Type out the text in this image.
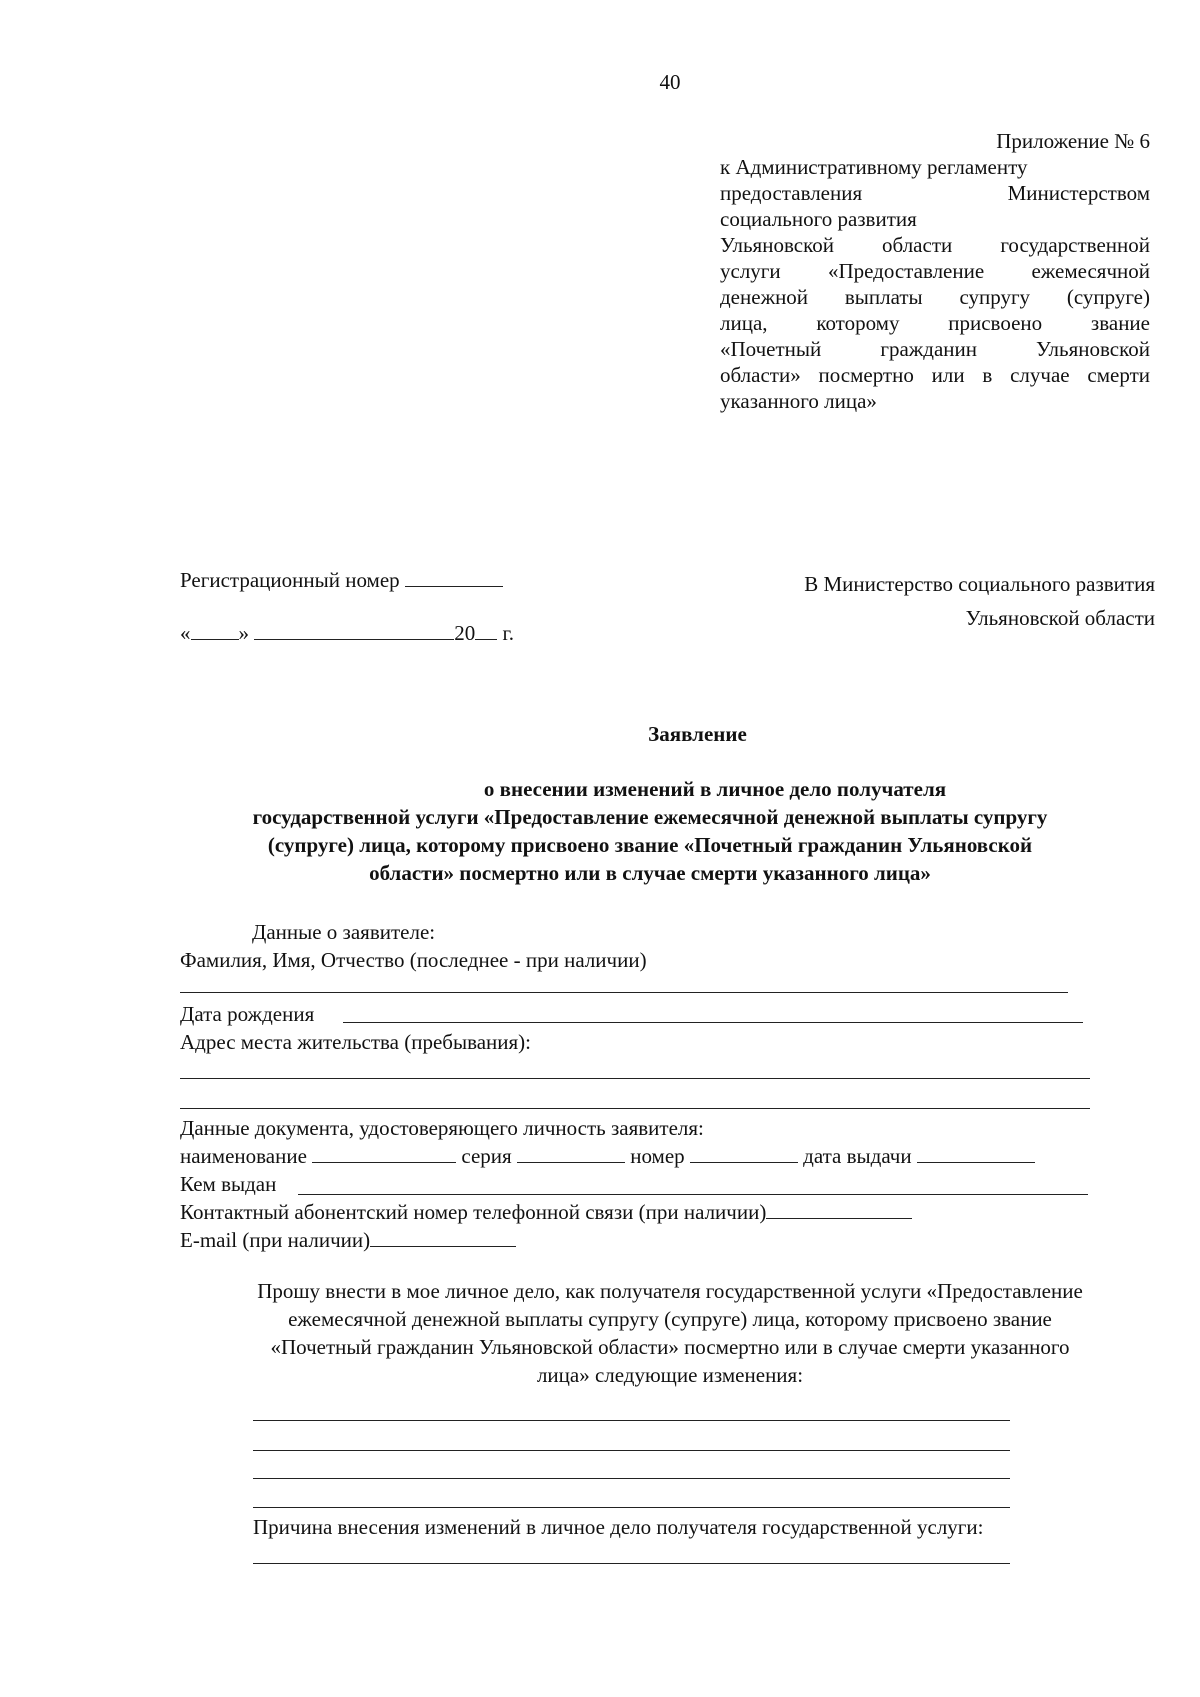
40
Приложение № 6
к Административному регламенту
предоставления Министерством
социального развития
Ульяновской области государственной
услуги «Предоставление ежемесячной
денежной выплаты супругу (супруге)
лица, которому присвоено звание
«Почетный гражданин Ульяновской
области» посмертно или в случае смерти
указанного лица»
Регистрационный номер
« »	20 г.
В Министерство социального развития
Ульяновской области
Заявление
о внесении изменений в личное дело получателя
государственной услуги «Предоставление ежемесячной денежной выплаты супругу
(супруге) лица, которому присвоено звание «Почетный гражданин Ульяновской
области» посмертно или в случае смерти указанного лица»
Данные о заявителе:
Фамилия, Имя, Отчество (последнее - при наличии)
Дата рождения
Адрес места жительства (пребывания):
Данные документа, удостоверяющего личность заявителя:
наименование	серия	номер	дата выдачи
Кем выдан
Контактный абонентский номер телефонной связи (при наличии)
E-mail (при наличии)
Прошу внести в мое личное дело, как получателя государственной услуги «Предоставление
ежемесячной денежной выплаты супругу (супруге) лица, которому присвоено звание
«Почетный гражданин Ульяновской области» посмертно или в случае смерти указанного
лица» следующие изменения:
Причина внесения изменений в личное дело получателя государственной услуги:
